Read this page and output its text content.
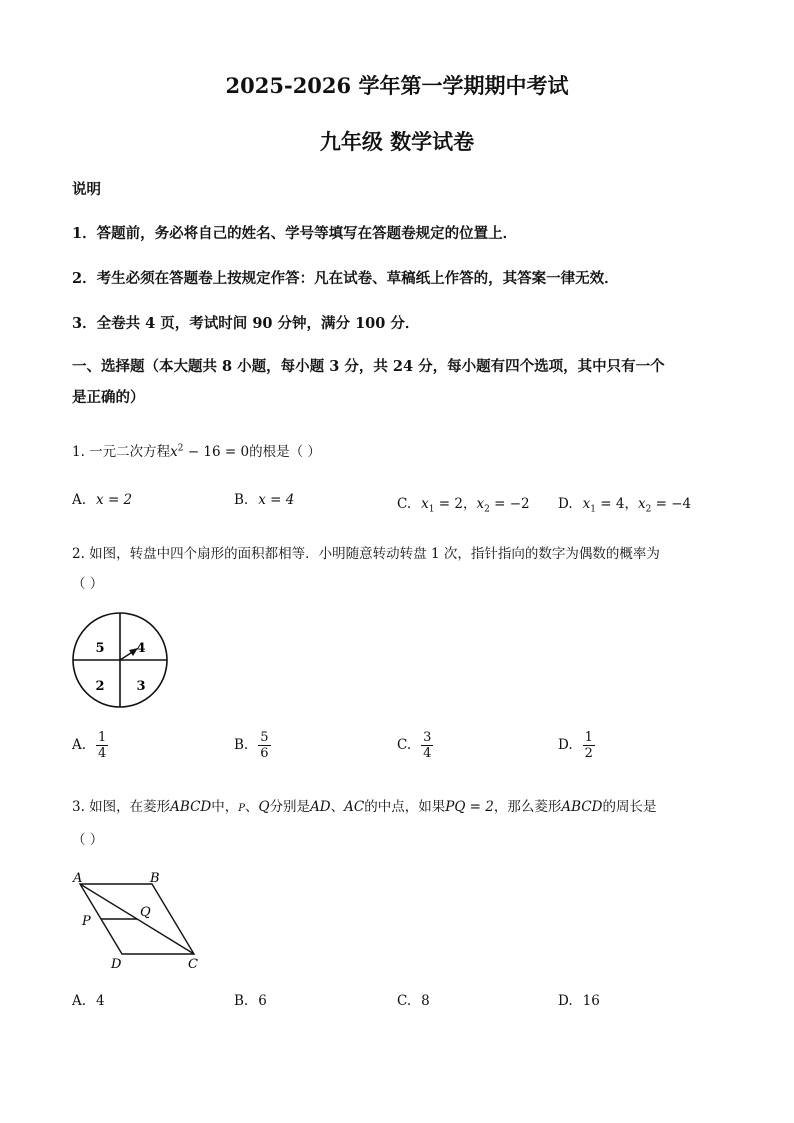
2025-2026 学年第一学期期中考试
九年级 数学试卷
说明
1．答题前，务必将自己的姓名、学号等填写在答题卷规定的位置上．
2．考生必须在答题卷上按规定作答：凡在试卷、草稿纸上作答的，其答案一律无效．
3．全卷共 4 页，考试时间 90 分钟，满分 100 分．
一、选择题（本大题共 8 小题，每小题 3 分，共 24 分，每小题有四个选项，其中只有一个
是正确的）
1. 一元二次方程$x^2 - 16 = 0$的根是（ ）
A. x = 2	B. x = 4	C. $x_1 = 2$，$x_2 = -2$ D. $x_1 = 4$，$x_2 = -4$
2. 如图，转盘中四个扇形的面积都相等．小明随意转动转盘 1 次，指针指向的数字为偶数的概率为
（ ）
5 4
2 3
A. $\frac{1}{4}$	B. $\frac{5}{6}$	C. $\frac{3}{4}$	D. $\frac{1}{2}$
3. 如图，在菱形ABCD中，P、Q分别是AD、AC的中点，如果PQ = 2，那么菱形ABCD的周长是
（ ）
A	B
C
D
P
Q
A. 4	B. 6	C. 8	D. 16
